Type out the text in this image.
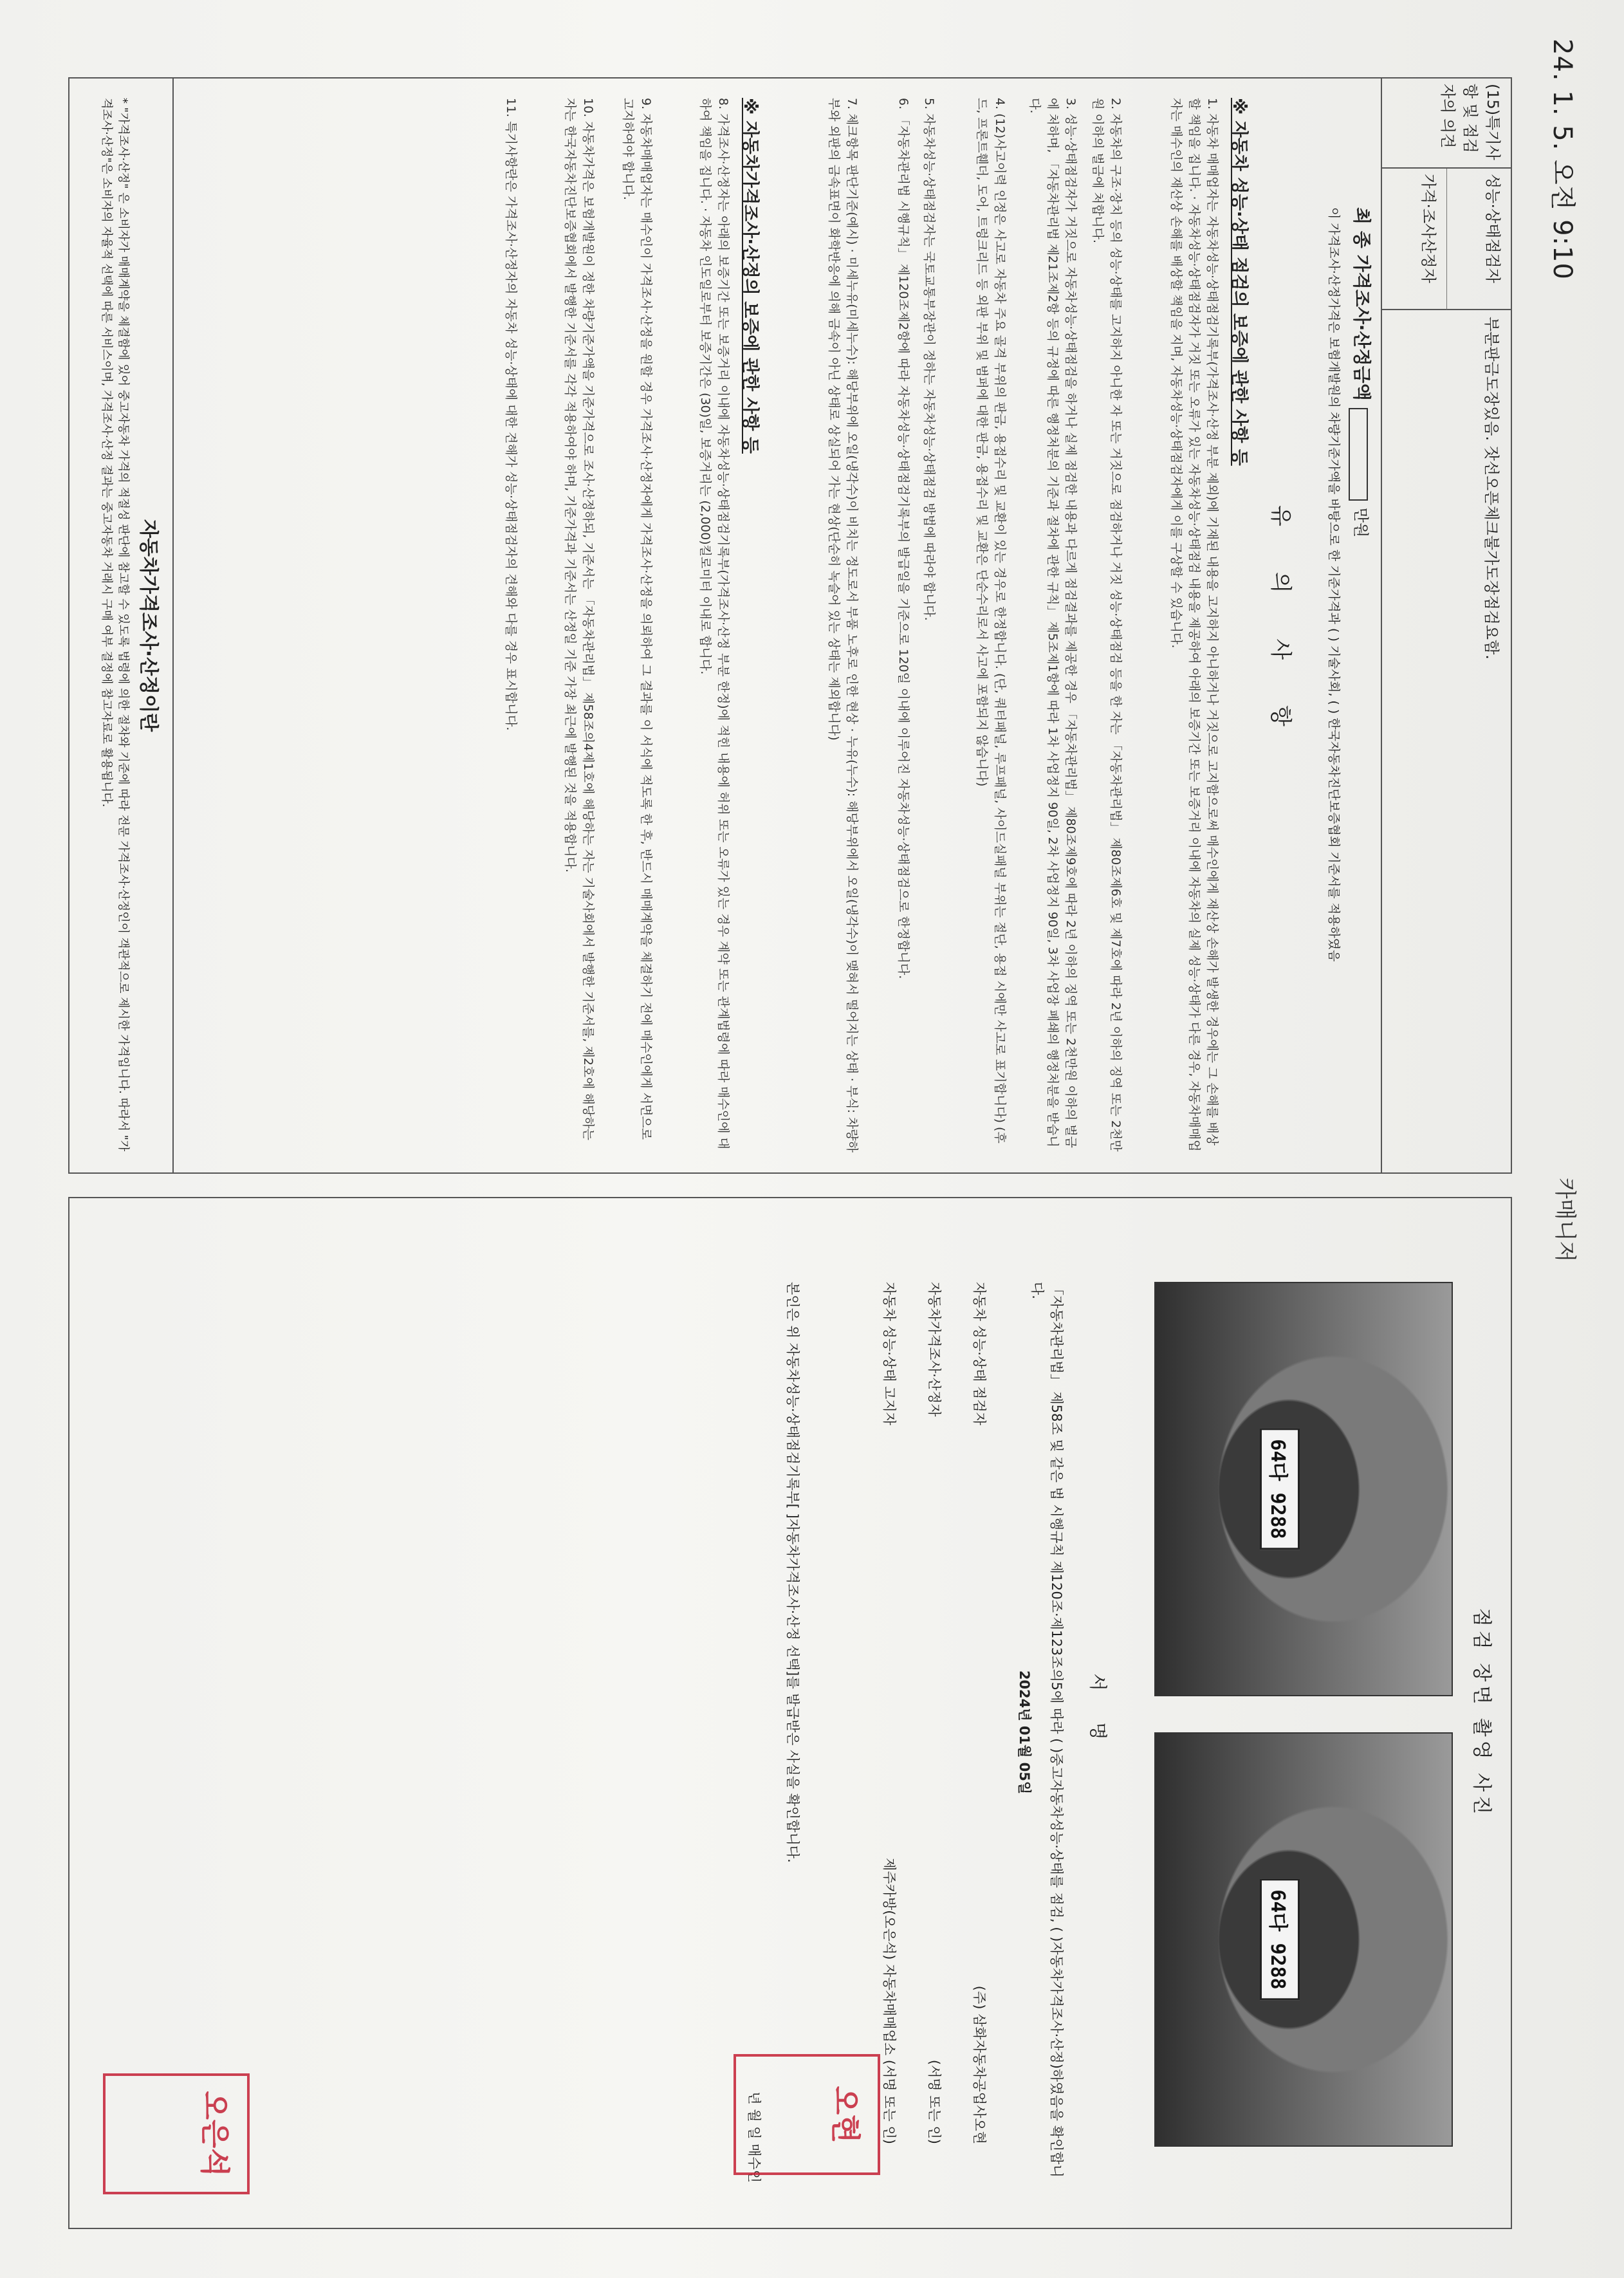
24. 1. 5. 오전 9:10
카매니저
(15)특기사항 및 점검자의 의견
성능·상태점검자
가격·조사산정자
부분판금도장있음. 잣선오픈체크불가도장점검요함.
최 종 가격조사·산정금액  만원
이 가격조사·산정가격은 보험개발원의 차량기준가액을 바탕으로 한 기준가격과 ( ) 기술사회, ( ) 한국자동차진단보증협회 기준서를 적용하였음
유 의 사 항
※ 자동차 성능·상태 점검의 보증에 관한 사항 등
1. 자동차 매매업자는 자동차성능·상태점검기록부(가격조사·산정 부분 제외)에 기재된 내용을 고지하지 아니하거나 거짓으로 고지함으로써 매수인에게 재산상 손해가 발생한 경우에는 그 손해를 배상할 책임을 집니다. · 자동차성능·상태점검자가 거짓 또는 오류가 있는 자동차성능·상태점검 내용을 제공하여 아래의 보증기간 또는 보증거리 이내에 자동차의 실제 성능·상태가 다른 경우, 자동차매매업자는 매수인의 재산상 손해를 배상할 책임을 지며, 자동차성능·상태점검자에게 이를 구상할 수 있습니다.
2. 자동차의 구조·장치 등의 성능·상태를 고지하지 아니한 자 또는 거짓으로 점검하거나 거짓 성능·상태점검 등을 한 자는 「자동차관리법」 제80조제6호 및 제7호에 따라 2년 이하의 징역 또는 2천만원 이하의 벌금에 처합니다.
3. 성능·상태점검자가 거짓으로 자동차성능·상태점검을 하거나 실제 점검한 내용과 다르게 점검결과를 제공한 경우 「자동차관리법」 제80조제9호에 따라 2년 이하의 징역 또는 2천만원 이하의 벌금에 처하며, 「자동차관리법 제21조제2항 등의 규정에 따른 행정처분의 기준과 절차에 관한 규칙」 제5조제1항에 따라 1차 사업정지 90일, 2차 사업정지 90일, 3차 사업장 폐쇄의 행정처분을 받습니다.
4. (12)사고이력 인정은 사고로 자동차 주요 골격 부위의 판금, 용접수리 및 교환이 있는 경우로 한정합니다. (단, 쿼터패널, 루프패널, 사이드실패널 부위는 절단, 용접 시에만 사고로 표기합니다) (후드, 프론트휀더, 도어, 트렁크리드 등 외판 부위 및 범퍼에 대한 판금, 용접수리 및 교환은 단순수리로서 사고에 포함되지 않습니다)
5. 자동차성능·상태점검자는 국토교통부장관이 정하는 자동차성능·상태점검 방법에 따라야 합니다.
6. 「자동차관리법 시행규칙」 제120조제2항에 따라 자동차성능·상태점검기록부의 발급일을 기준으로 120일 이내에 이루어진 자동차성능·상태점검으로 한정합니다.
7. 체크항목 판단기준(예시) · 미세누유(미세누수): 해당부위에 오일(냉각수)이 비치는 정도로서 부품 노후로 인한 현상 · 누유(누수): 해당부위에서 오일(냉각수)이 맺혀서 떨어지는 상태 · 부식: 차량하부와 외판의 금속표면이 화학반응에 의해 금속이 아닌 상태로 상실되어 가는 현상(단순히 녹슬어 있는 상태는 제외합니다)
※ 자동차가격조사·산정의 보증에 관한 사항 등
8. 가격조사·산정자는 아래의 보증기간 또는 보증거리 이내에 자동차성능·상태점검기록부(가격조사·산정 부분 한정)에 적힌 내용에 허위 또는 오류가 있는 경우 계약 또는 관계법령에 따라 매수인에 대하여 책임을 집니다. · 자동차 인도일로부터 보증기간은 (30)일, 보증거리는 (2,000)킬로미터 이내로 합니다.
9. 자동차매매업자는 매수인이 가격조사·산정을 원할 경우 가격조사·산정자에게 가격조사·산정을 의뢰하여 그 결과를 이 서식에 적도록 한 후, 반드시 매매계약을 체결하기 전에 매수인에게 서면으로 고지하여야 합니다.
10. 자동차가격은 보험개발원이 정한 차량기준가액을 기준가격으로 조사·산정하되, 기준서는 「자동차관리법」 제58조의4제1호에 해당하는 자는 기술사회에서 발행한 기준서를, 제2호에 해당하는 자는 한국자동차진단보증협회에서 발행한 기준서를 각각 적용하여야 하며, 기준가격과 기준서는 산정일 기준 가장 최근에 발행된 것을 적용합니다.
11. 특기사항란은 가격조사·산정자의 자동차 성능·상태에 대한 견해가 성능·상태점검자의 견해와 다를 경우 표시합니다.
자동차가격조사·산정이란
* "가격조사·산정" 은 소비자가 매매계약을 체결함에 있어 중고자동차 가격의 적절성 판단에 참고할 수 있도록 법령에 의한 절차와 기준에 따라 전문 가격조사·산정인이 객관적으로 제시한 가격입니다. 따라서 "가격조사·산정"은 소비자의 자율적 선택에 따른 서비스이며, 가격조사·산정 결과는 중고자동차 거래시 구매 여부 결정에 참고자료로 활용됩니다.
점검 장면 촬영 사진
64다 9288
64다 9288
서 명
「자동차관리법」 제58조 및 같은 법 시행규칙 제120조·제123조의5에 따라 ( )중고자동차성능·상태를 점검, ( )자동차가격조사·산정)하였음을 확인합니다.
2024년 01월 05일
자동차 성능·상태 점검자
(주) 삼화자동차공업사오현
자동차가격조사·산정자
(서명 또는 인)
자동차 성능·상태 고지자
제주카방(오은석) 자동차매매업소 (서명 또는 인)
본인은 위 자동차성능·상태점검기록부[ ]자동차가격조사·산정 선택]를 발급받은 사실을 확인합니다.
년 월 일 매수인	오현
오은석
